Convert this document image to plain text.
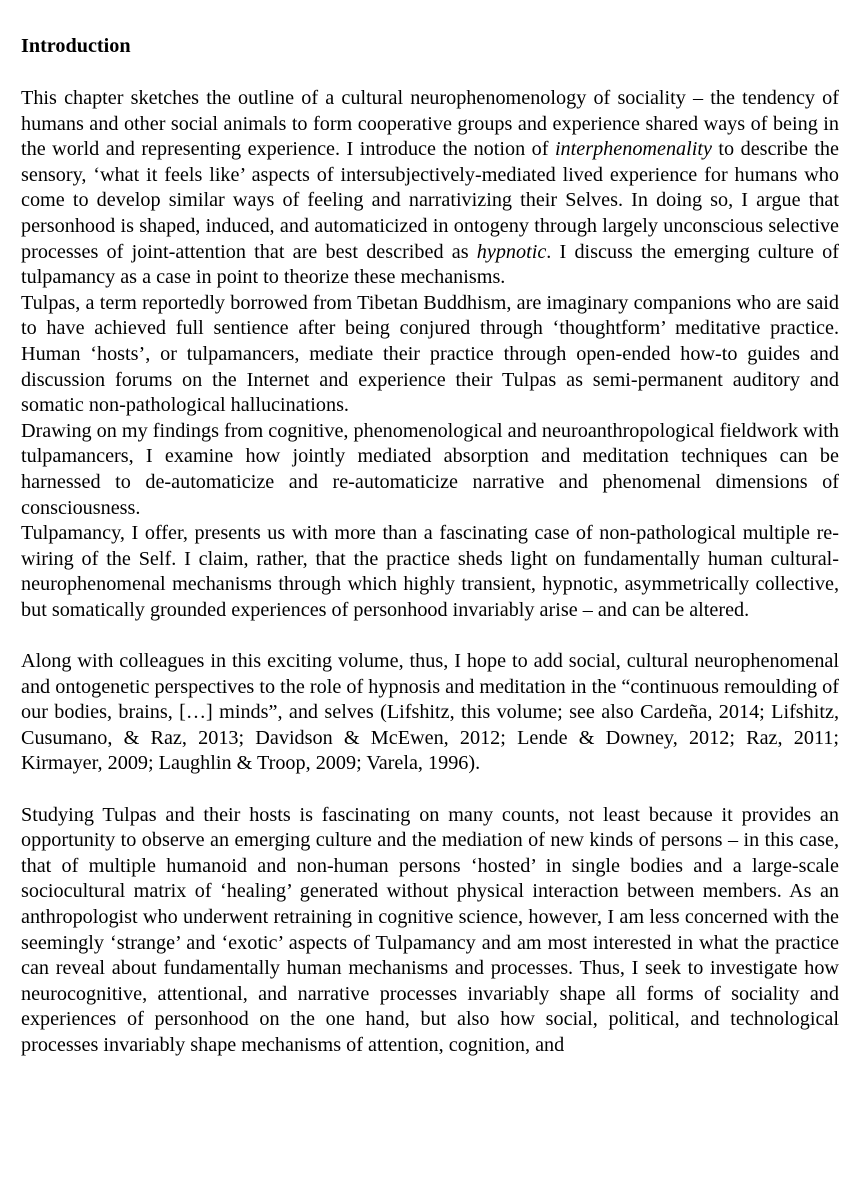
Introduction

This chapter sketches the outline of a cultural neurophenomenology of sociality – the tendency of humans and other social animals to form cooperative groups and experience shared ways of being in the world and representing experience. I introduce the notion of interphenomenality to describe the sensory, ‘what it feels like’ aspects of intersubjectively-mediated lived experience for humans who come to develop similar ways of feeling and narrativizing their Selves. In doing so, I argue that personhood is shaped, induced, and automaticized in ontogeny through largely unconscious selective processes of joint-attention that are best described as hypnotic. I discuss the emerging culture of tulpamancy as a case in point to theorize these mechanisms.

Tulpas, a term reportedly borrowed from Tibetan Buddhism, are imaginary companions who are said to have achieved full sentience after being conjured through ‘thoughtform’ meditative practice. Human ‘hosts’, or tulpamancers, mediate their practice through open-ended how-to guides and discussion forums on the Internet and experience their Tulpas as semi-permanent auditory and somatic non-pathological hallucinations.

Drawing on my findings from cognitive, phenomenological and neuroanthropological fieldwork with tulpamancers, I examine how jointly mediated absorption and meditation techniques can be harnessed to de-automaticize and re-automaticize narrative and phenomenal dimensions of consciousness.

Tulpamancy, I offer, presents us with more than a fascinating case of non-pathological multiple re-wiring of the Self. I claim, rather, that the practice sheds light on fundamentally human cultural-neurophenomenal mechanisms through which highly transient, hypnotic, asymmetrically collective, but somatically grounded experiences of personhood invariably arise – and can be altered.

Along with colleagues in this exciting volume, thus, I hope to add social, cultural neurophenomenal and ontogenetic perspectives to the role of hypnosis and meditation in the “continuous remoulding of our bodies, brains, […] minds”, and selves (Lifshitz, this volume; see also Cardeña, 2014; Lifshitz, Cusumano, & Raz, 2013; Davidson & McEwen, 2012; Lende & Downey, 2012; Raz, 2011; Kirmayer, 2009; Laughlin & Troop, 2009; Varela, 1996).

Studying Tulpas and their hosts is fascinating on many counts, not least because it provides an opportunity to observe an emerging culture and the mediation of new kinds of persons – in this case, that of multiple humanoid and non-human persons ‘hosted’ in single bodies and a large-scale sociocultural matrix of ‘healing’ generated without physical interaction between members. As an anthropologist who underwent retraining in cognitive science, however, I am less concerned with the seemingly ‘strange’ and ‘exotic’ aspects of Tulpamancy and am most interested in what the practice can reveal about fundamentally human mechanisms and processes. Thus, I seek to investigate how neurocognitive, attentional, and narrative processes invariably shape all forms of sociality and experiences of personhood on the one hand, but also how social, political, and technological processes invariably shape mechanisms of attention, cognition, and
